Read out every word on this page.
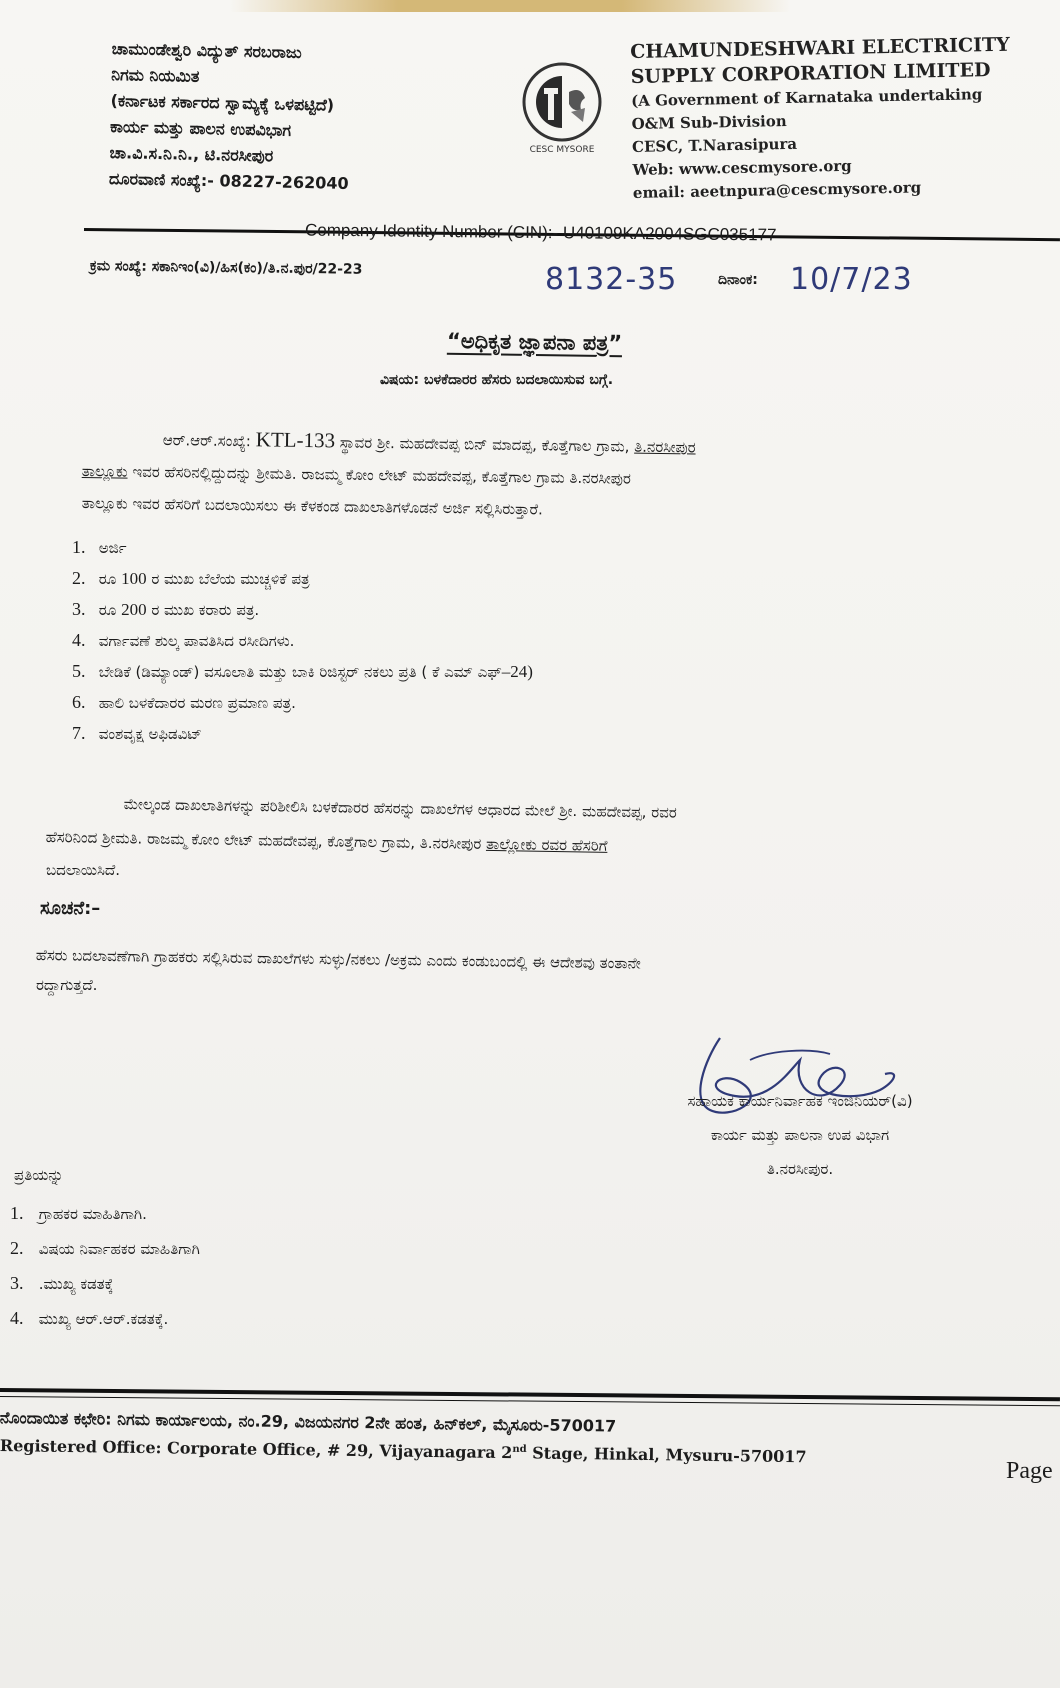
ಚಾಮುಂಡೇಶ್ವರಿ ವಿದ್ಯುತ್ ಸರಬರಾಜು
ನಿಗಮ ನಿಯಮಿತ
(ಕರ್ನಾಟಕ ಸರ್ಕಾರದ ಸ್ವಾಮ್ಯಕ್ಕೆ ಒಳಪಟ್ಟಿದೆ)
ಕಾರ್ಯ ಮತ್ತು ಪಾಲನ ಉಪವಿಭಾಗ
ಚಾ.ವಿ.ಸ.ನಿ.ನಿ., ಟಿ.ನರಸೀಪುರ
ದೂರವಾಣಿ ಸಂಖ್ಯೆ:- 08227-262040
CESC MYSORE
CHAMUNDESHWARI ELECTRICITY
SUPPLY CORPORATION LIMITED
(A Government of Karnataka undertaking
O&M Sub-Division
CESC, T.Narasipura
Web: www.cescmysore.org
email: aeetnpura@cescmysore.org
Company Identity Number (CIN):- U40109KA2004SGC035177
ಕ್ರಮ ಸಂಖ್ಯೆ: ಸಕಾನಿಇಂ(ವಿ)/ಹಿಸ(ಕಂ)/ತಿ.ನ.ಪುರ/22-23	8132-35	ದಿನಾಂಕ: 10/7/23
“ಅಧಿಕೃತ ಜ್ಞಾಪನಾ ಪತ್ರ”
ವಿಷಯ: ಬಳಕೆದಾರರ ಹೆಸರು ಬದಲಾಯಿಸುವ ಬಗ್ಗೆ.
ಆರ್.ಆರ್.ಸಂಖ್ಯೆ: KTL-133 ಸ್ಥಾವರ ಶ್ರೀ. ಮಹದೇವಪ್ಪ ಬಿನ್ ಮಾದಪ್ಪ, ಕೊತ್ತೆಗಾಲ ಗ್ರಾಮ, ತಿ.ನರಸೀಪುರ
ತಾಲ್ಲೂಕು ಇವರ ಹೆಸರಿನಲ್ಲಿದ್ದುದನ್ನು ಶ್ರೀಮತಿ. ರಾಜಮ್ಮ ಕೋಂ ಲೇಟ್ ಮಹದೇವಪ್ಪ, ಕೊತ್ತೆಗಾಲ ಗ್ರಾಮ ತಿ.ನರಸೀಪುರ
ತಾಲ್ಲೂಕು ಇವರ ಹೆಸರಿಗೆ ಬದಲಾಯಿಸಲು ಈ ಕೆಳಕಂಡ ದಾಖಲಾತಿಗಳೊಡನೆ ಅರ್ಜಿ ಸಲ್ಲಿಸಿರುತ್ತಾರೆ.
1. ಅರ್ಜಿ
2. ರೂ 100 ರ ಮುಖ ಬೆಲೆಯ ಮುಚ್ಚಳಿಕೆ ಪತ್ರ
3. ರೂ 200 ರ ಮುಖ ಕರಾರು ಪತ್ರ.
4. ವರ್ಗಾವಣೆ ಶುಲ್ಕ ಪಾವತಿಸಿದ ರಸೀದಿಗಳು.
5. ಬೇಡಿಕೆ (ಡಿಮ್ಯಾಂಡ್) ವಸೂಲಾತಿ ಮತ್ತು ಬಾಕಿ ರಿಜಿಸ್ಟರ್ ನಕಲು ಪ್ರತಿ ( ಕೆ ಎಮ್ ಎಫ್–24)
6. ಹಾಲಿ ಬಳಕೆದಾರರ ಮರಣ ಪ್ರಮಾಣ ಪತ್ರ.
7. ವಂಶವೃಕ್ಷ ಅಫಿಡವಿಟ್
ಮೇಲ್ಕಂಡ ದಾಖಲಾತಿಗಳನ್ನು ಪರಿಶೀಲಿಸಿ ಬಳಕೆದಾರರ ಹೆಸರನ್ನು ದಾಖಲೆಗಳ ಆಧಾರದ ಮೇಲೆ ಶ್ರೀ. ಮಹದೇವಪ್ಪ, ರವರ
ಹೆಸರಿನಿಂದ ಶ್ರೀಮತಿ. ರಾಜಮ್ಮ ಕೋಂ ಲೇಟ್ ಮಹದೇವಪ್ಪ, ಕೊತ್ತೆಗಾಲ ಗ್ರಾಮ, ತಿ.ನರಸೀಪುರ ತಾಲ್ಲೋಕು ರವರ ಹೆಸರಿಗೆ
ಬದಲಾಯಿಸಿದೆ.
ಸೂಚನೆ:–
ಹೆಸರು ಬದಲಾವಣೆಗಾಗಿ ಗ್ರಾಹಕರು ಸಲ್ಲಿಸಿರುವ ದಾಖಲೆಗಳು ಸುಳ್ಳು/ನಕಲು /ಅಕ್ರಮ ಎಂದು ಕಂಡುಬಂದಲ್ಲಿ ಈ ಆದೇಶವು ತಂತಾನೇ
ರದ್ದಾಗುತ್ತದೆ.
ಸಹಾಯಕ ಕಾರ್ಯನಿರ್ವಾಹಕ ಇಂಜಿನಿಯರ್(ವಿ)
ಕಾರ್ಯ ಮತ್ತು ಪಾಲನಾ ಉಪ ವಿಭಾಗ
ತಿ.ನರಸೀಪುರ.
ಪ್ರತಿಯನ್ನು
1. ಗ್ರಾಹಕರ ಮಾಹಿತಿಗಾಗಿ.
2. ವಿಷಯ ನಿರ್ವಾಹಕರ ಮಾಹಿತಿಗಾಗಿ
3. .ಮುಖ್ಯ ಕಡತಕ್ಕೆ
4. ಮುಖ್ಯ ಆರ್.ಆರ್.ಕಡತಕ್ಕೆ.
ನೊಂದಾಯಿತ ಕಛೇರಿ: ನಿಗಮ ಕಾರ್ಯಾಲಯ, ನಂ.29, ವಿಜಯನಗರ 2ನೇ ಹಂತ, ಹಿನ್‌ಕಲ್, ಮೈಸೂರು-570017
Registered Office: Corporate Office, # 29, Vijayanagara 2nd Stage, Hinkal, Mysuru-570017
Page
